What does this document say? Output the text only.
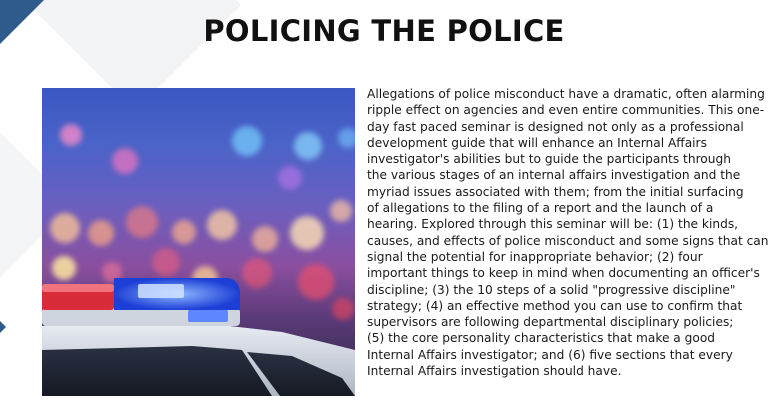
POLICING THE POLICE
Allegations of police misconduct have a dramatic, often alarming
ripple effect on agencies and even entire communities. This one-
day fast paced seminar is designed not only as a professional
development guide that will enhance an Internal Affairs
investigator's abilities but to guide the participants through
the various stages of an internal affairs investigation and the
myriad issues associated with them; from the initial surfacing
of allegations to the filing of a report and the launch of a
hearing. Explored through this seminar will be: (1) the kinds,
causes, and effects of police misconduct and some signs that can
signal the potential for inappropriate behavior; (2) four
important things to keep in mind when documenting an officer's
discipline; (3) the 10 steps of a solid "progressive discipline"
strategy; (4) an effective method you can use to confirm that
supervisors are following departmental disciplinary policies;
(5) the core personality characteristics that make a good
Internal Affairs investigator; and (6) five sections that every
Internal Affairs investigation should have.
